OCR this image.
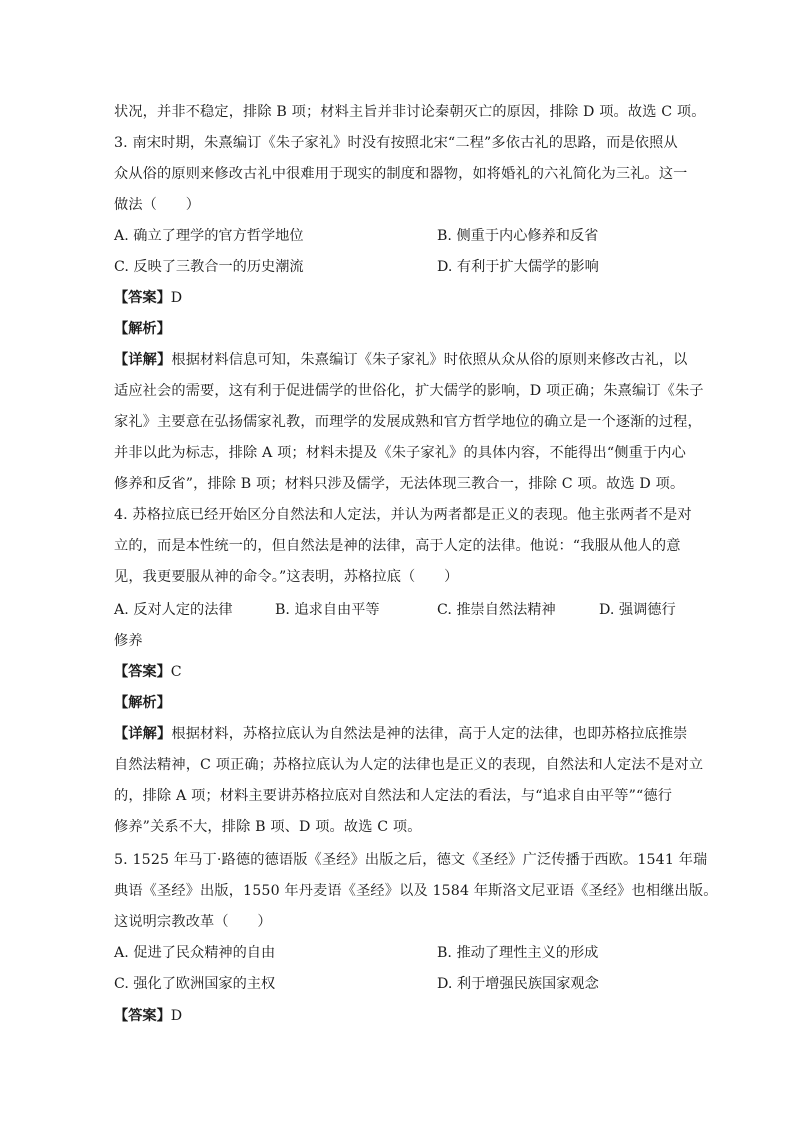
状况，并非不稳定，排除 B 项；材料主旨并非讨论秦朝灭亡的原因，排除 D 项。故选 C 项。
3. 南宋时期，朱熹编订《朱子家礼》时没有按照北宋“二程”多依古礼的思路，而是依照从
众从俗的原则来修改古礼中很难用于现实的制度和器物，如将婚礼的六礼简化为三礼。这一
做法（　　）
A. 确立了理学的官方哲学地位	B. 侧重于内心修养和反省
C. 反映了三教合一的历史潮流	D. 有利于扩大儒学的影响
【答案】D
【解析】
【详解】根据材料信息可知，朱熹编订《朱子家礼》时依照从众从俗的原则来修改古礼，以
适应社会的需要，这有利于促进儒学的世俗化，扩大儒学的影响，D 项正确；朱熹编订《朱子
家礼》主要意在弘扬儒家礼教，而理学的发展成熟和官方哲学地位的确立是一个逐渐的过程，
并非以此为标志，排除 A 项；材料未提及《朱子家礼》的具体内容，不能得出“侧重于内心
修养和反省”，排除 B 项；材料只涉及儒学，无法体现三教合一，排除 C 项。故选 D 项。
4. 苏格拉底已经开始区分自然法和人定法，并认为两者都是正义的表现。他主张两者不是对
立的，而是本性统一的，但自然法是神的法律，高于人定的法律。他说：“我服从他人的意
见，我更要服从神的命令。”这表明，苏格拉底（　　）
A. 反对人定的法律	B. 追求自由平等	C. 推崇自然法精神	D. 强调德行
修养
【答案】C
【解析】
【详解】根据材料，苏格拉底认为自然法是神的法律，高于人定的法律，也即苏格拉底推崇
自然法精神，C 项正确；苏格拉底认为人定的法律也是正义的表现，自然法和人定法不是对立
的，排除 A 项；材料主要讲苏格拉底对自然法和人定法的看法，与“追求自由平等”“德行
修养”关系不大，排除 B 项、D 项。故选 C 项。
5. 1525 年马丁·路德的德语版《圣经》出版之后，德文《圣经》广泛传播于西欧。1541 年瑞
典语《圣经》出版，1550 年丹麦语《圣经》以及 1584 年斯洛文尼亚语《圣经》也相继出版。
这说明宗教改革（　　）
A. 促进了民众精神的自由	B. 推动了理性主义的形成
C. 强化了欧洲国家的主权	D. 利于增强民族国家观念
【答案】D
